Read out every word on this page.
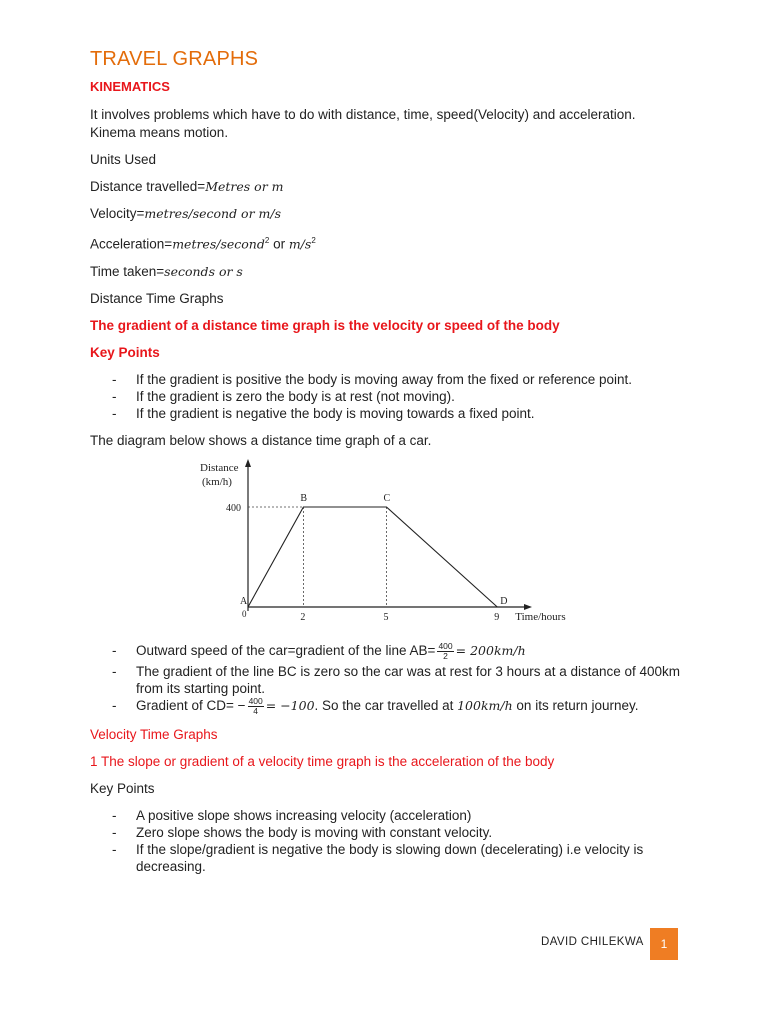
TRAVEL GRAPHS
KINEMATICS

It involves problems which have to do with distance, time, speed(Velocity) and acceleration.
Kinema means motion.

Units Used

Distance travelled=Metres or m

Velocity=metres/second or m/s

Acceleration=metres/second$^2$ or $m/s^2$

Time taken=seconds or s

Distance Time Graphs

The gradient of a distance time graph is the velocity or speed of the body

Key Points

- If the gradient is positive the body is moving away from the fixed or reference point.
- If the gradient is zero the body is at rest (not moving).
- If the gradient is negative the body is moving towards a fixed point.

The diagram below shows a distance time graph of a car.

Distance
(km/h)
Time/hours
400
2	5	9
0
A
B	C
D
- Outward speed of the car=gradient of the line $AB= \frac{400}{2} = 200km/h$
- The gradient of the line BC is zero so the car was at rest for 3 hours at a distance of 400km
from its starting point.
- Gradient of $CD= - \frac{400}{4} = -100$. So the car travelled at 100km/h on its return journey.

Velocity Time Graphs

1 The slope or gradient of a velocity time graph is the acceleration of the body

Key Points

- A positive slope shows increasing velocity (acceleration)
- Zero slope shows the body is moving with constant velocity.
- If the slope/gradient is negative the body is slowing down (decelerating) i.e velocity is decreasing.
DAVID CHILEKWA	1
